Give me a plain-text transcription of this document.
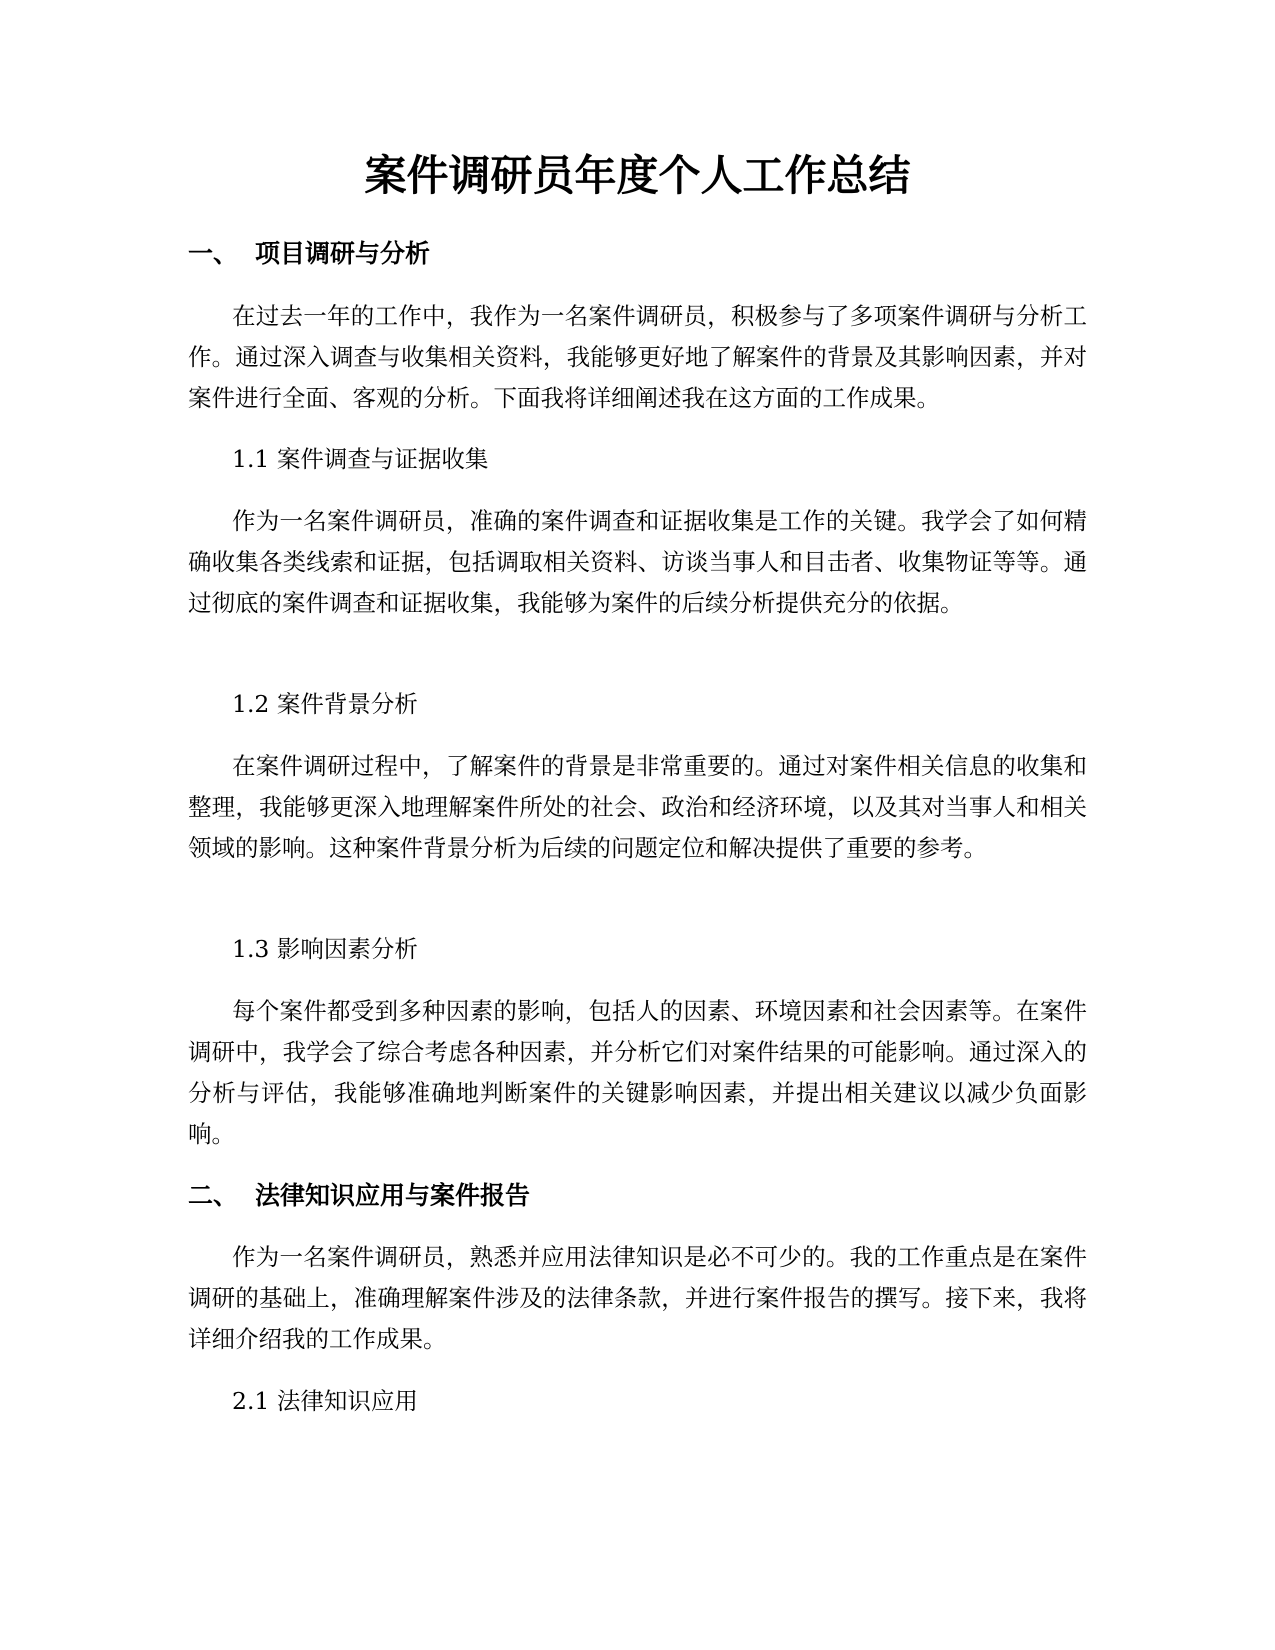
案件调研员年度个人工作总结
一、 项目调研与分析

在过去一年的工作中，我作为一名案件调研员，积极参与了多项案件调研与分析工作。通过深入调查与收集相关资料，我能够更好地了解案件的背景及其影响因素，并对案件进行全面、客观的分析。下面我将详细阐述我在这方面的工作成果。

1.1 案件调查与证据收集

作为一名案件调研员，准确的案件调查和证据收集是工作的关键。我学会了如何精确收集各类线索和证据，包括调取相关资料、访谈当事人和目击者、收集物证等等。通过彻底的案件调查和证据收集，我能够为案件的后续分析提供充分的依据。

1.2 案件背景分析

在案件调研过程中，了解案件的背景是非常重要的。通过对案件相关信息的收集和整理，我能够更深入地理解案件所处的社会、政治和经济环境，以及其对当事人和相关领域的影响。这种案件背景分析为后续的问题定位和解决提供了重要的参考。

1.3 影响因素分析

每个案件都受到多种因素的影响，包括人的因素、环境因素和社会因素等。在案件调研中，我学会了综合考虑各种因素，并分析它们对案件结果的可能影响。通过深入的分析与评估，我能够准确地判断案件的关键影响因素，并提出相关建议以减少负面影响。

二、 法律知识应用与案件报告

作为一名案件调研员，熟悉并应用法律知识是必不可少的。我的工作重点是在案件调研的基础上，准确理解案件涉及的法律条款，并进行案件报告的撰写。接下来，我将详细介绍我的工作成果。

2.1 法律知识应用
